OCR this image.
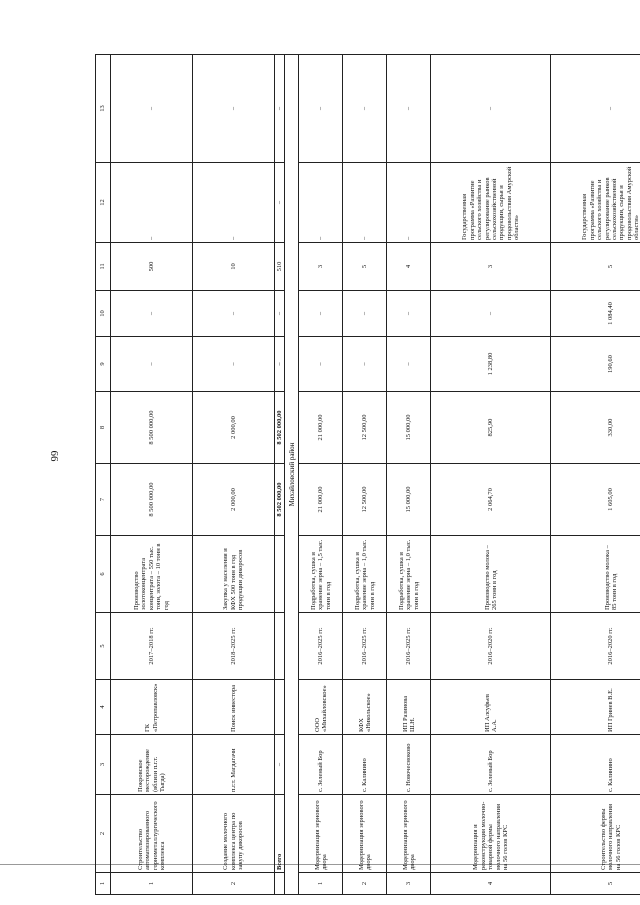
66
1	2	3	4	5	6	7	8	9	10	11	12	13
1	Строительство автоматизированного горнометаллургического комплекса	Покровское месторождение (вблизи п.г.т. Тыгда)	ГК «Петропавловск»	2017–2018 гг.	Производство золотоконцентрата концентрата – 550 тыс. тонн, золота – 10 тонн в год	8 500 000,00	8 500 000,00	–	–	500	–	–
2	Создание молочного комплекса центра по закупу дикоросов	п.г.т. Магдагачи	Поиск инвестора	2018–2025 гг.	Закупка у населения и КФХ 500 тонн в год продукции дикоросов	2 000,00	2 000,00	–	–	10	–	–
	Всего	–				8 502 000,00	8 502 000,00	–	–	510	–	–
Михайловский район												
1	Модернизация зернового двора	с. Зеленый Бор	ООО «Михайловское»	2016–2025 гг.	Подработка, сушка и хранение зерна – 1,5 тыс. тонн в год	21 000,00	21 000,00	–	–	3	–	–
2	Модернизация зернового двора	с. Калинино	КФХ «Никольское»	2016–2025 гг.	Подработка, сушка и хранение зерна – 1,0 тыс. тонн в год	12 500,00	12 500,00	–	–	5	–	–
3	Модернизация зернового двора	с. Новочесноково	ИП Разинова Ш.Н.	2016–2025 гг.	Подработка, сушка и хранение зерна – 1,0 тыс. тонн в год	15 000,00	15 000,00	–	–	4	–	–
4	Модернизация и реконструкция молочно-товарной фермы молочного направления на 56 голов КРС	с. Зеленый Бор	ИП Алсуфьев А.А.	2016–2020 гг.	Производство молока – 265 тонн в год	2 064,70	825,90	1 238,80	–	3	Государственная программа «Развитие сельского хозяйства и регулирование рынков сельскохозяйственной продукции, сырья и продовольствия Амурской области»	–
5	Строительство фермы молочного направления на 56 голов КРС	с. Калинино	ИП Гринев В.Е.	2016–2020 гг.	Производство молока – 85 тонн в год	1 605,00	330,00	190,60	1 084,40	5	Государственная программа «Развитие сельского хозяйства и регулирование рынков сельскохозяйственной продукции, сырья и продовольствия Амурской области»	–
